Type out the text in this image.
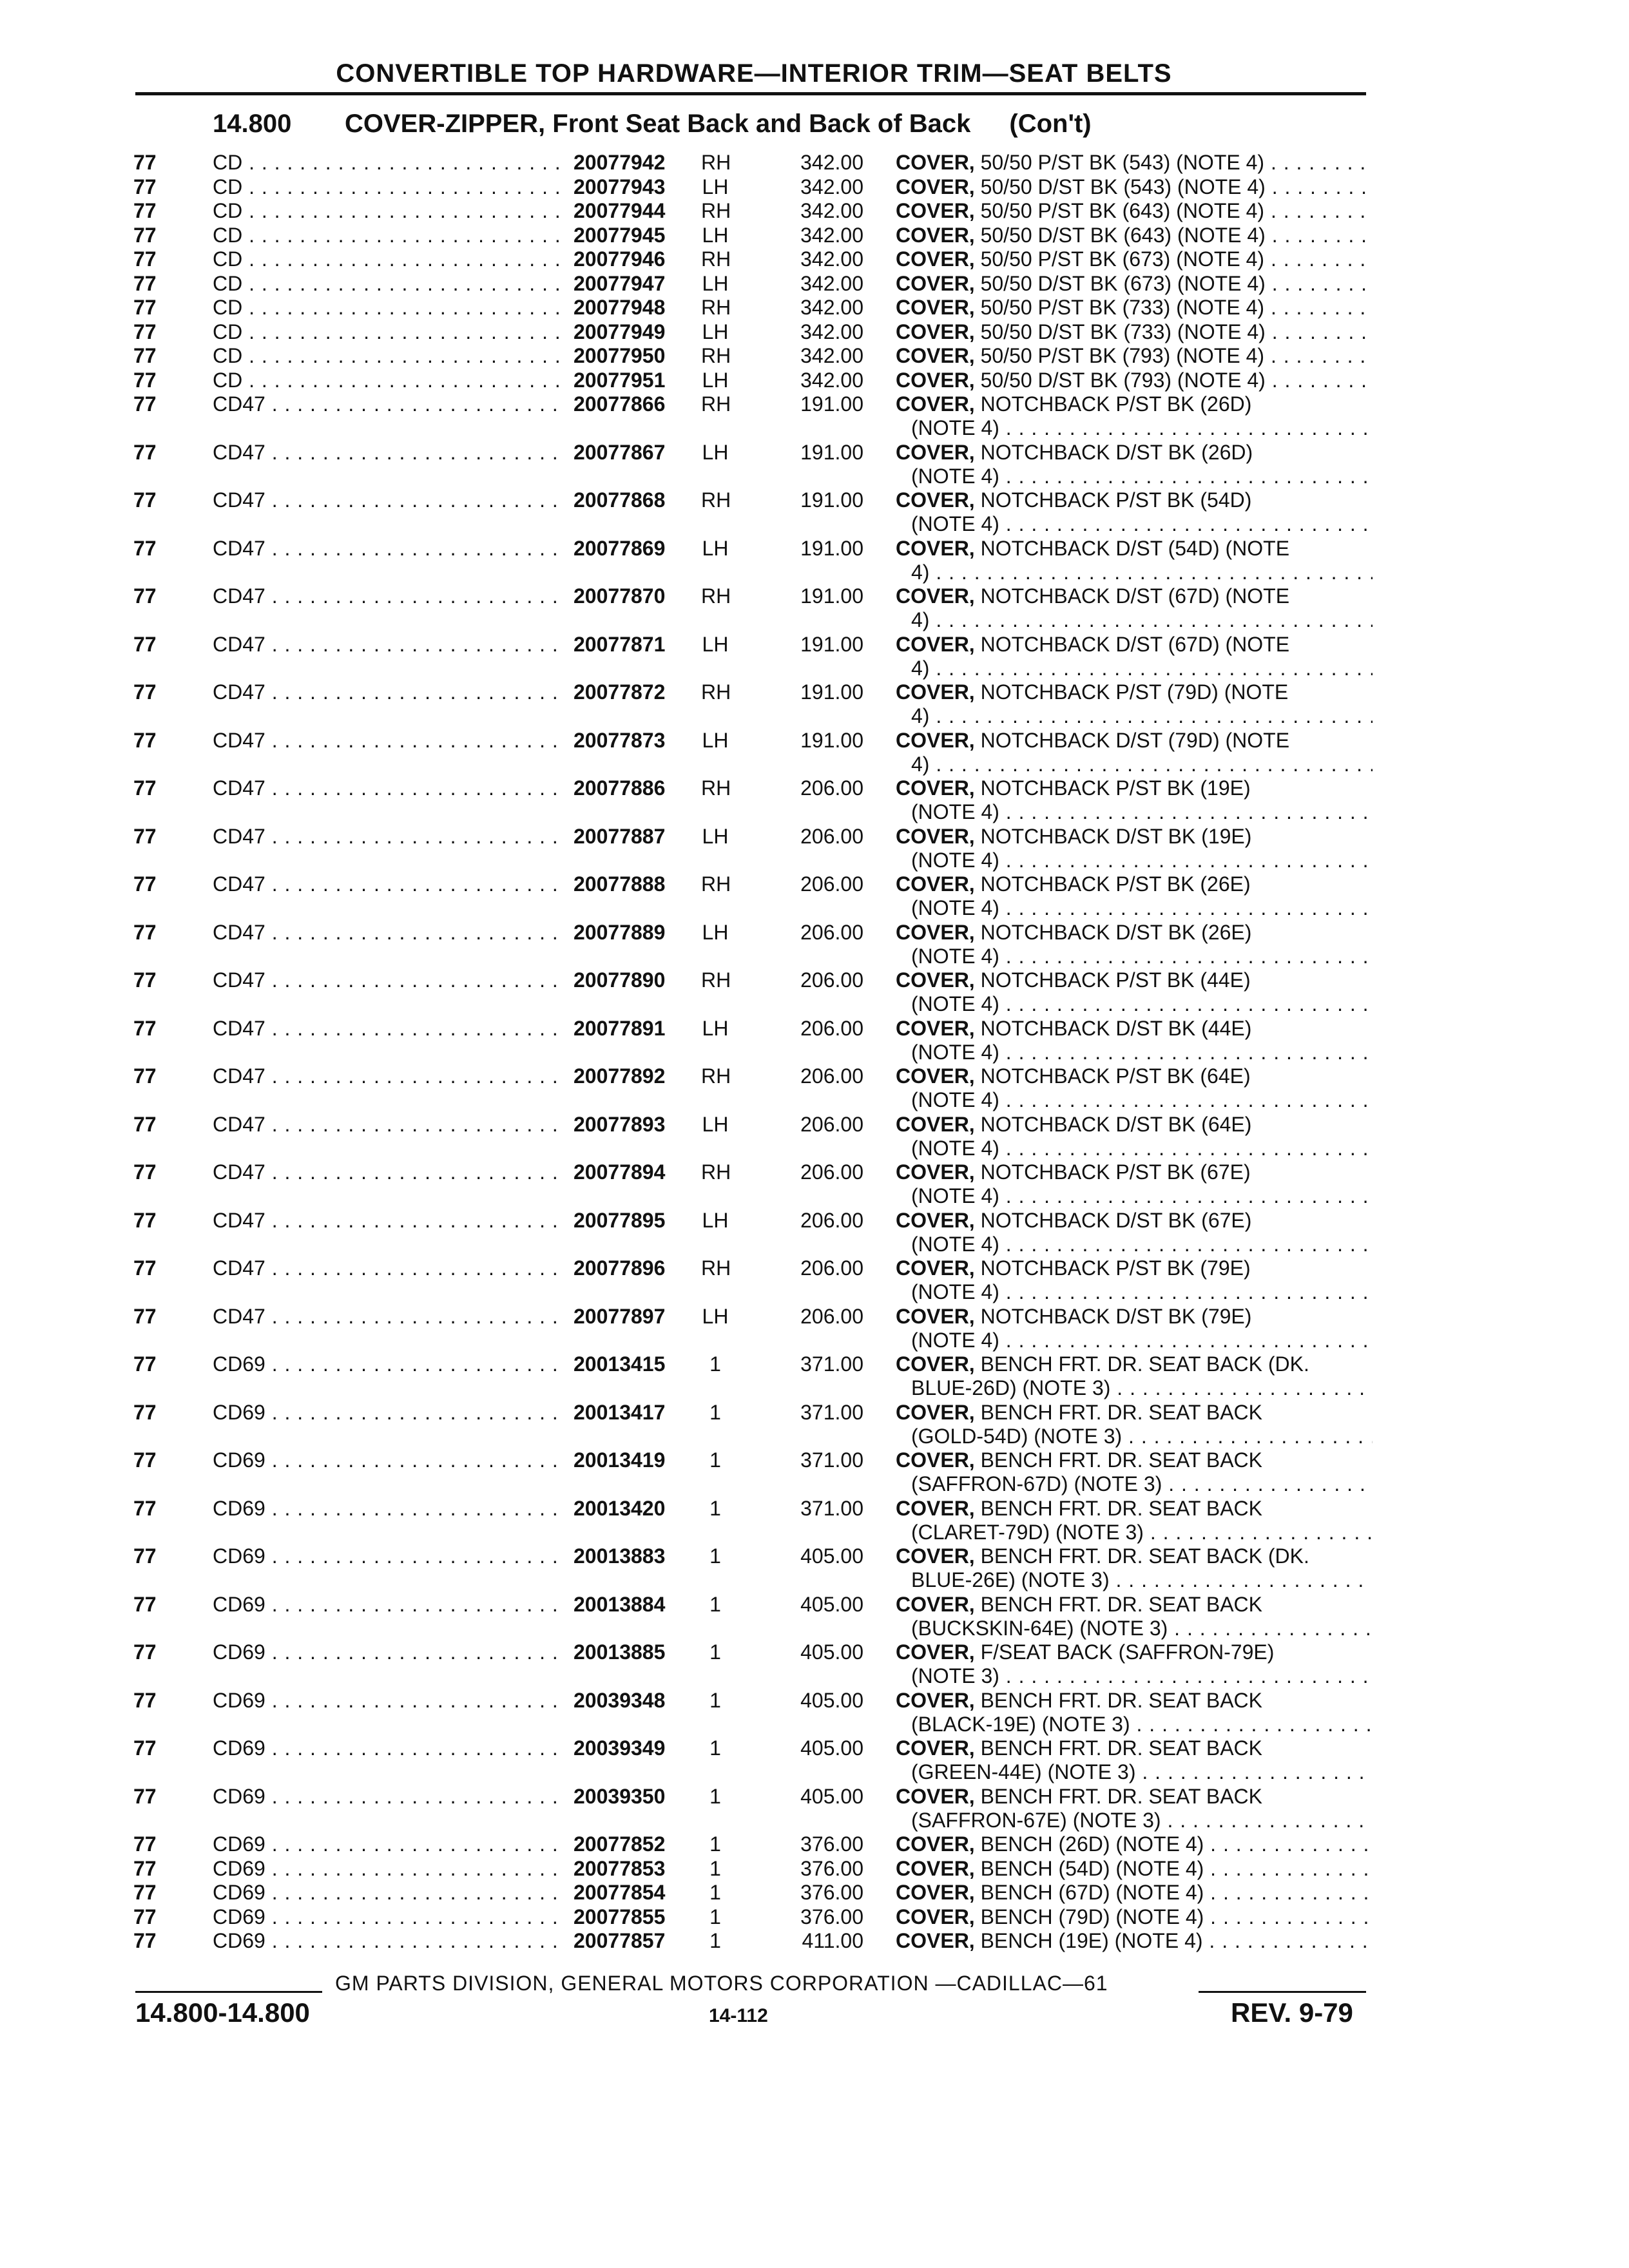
CONVERTIBLE TOP HARDWARE—INTERIOR TRIM—SEAT BELTS
14.800 COVER-ZIPPER, Front Seat Back and Back of Back (Con't)
77	CD . . .	20077942 RH	342.00 COVER, 50/50 P/ST BK (543) (NOTE 4) . . .
77	CD . . .	20077943 LH	342.00 COVER, 50/50 D/ST BK (543) (NOTE 4) . . .
77	CD . . .	20077944 RH	342.00 COVER, 50/50 P/ST BK (643) (NOTE 4) . . .
77	CD . . .	20077945 LH	342.00 COVER, 50/50 D/ST BK (643) (NOTE 4) . . .
77	CD . . .	20077946 RH	342.00 COVER, 50/50 P/ST BK (673) (NOTE 4) . . .
77	CD . . .	20077947 LH	342.00 COVER, 50/50 D/ST BK (673) (NOTE 4) . . .
77	CD . . .	20077948 RH	342.00 COVER, 50/50 P/ST BK (733) (NOTE 4) . . .
77	CD . . .	20077949 LH	342.00 COVER, 50/50 D/ST BK (733) (NOTE 4) . . .
77	CD . . .	20077950 RH	342.00 COVER, 50/50 P/ST BK (793) (NOTE 4) . . .
77	CD . . .	20077951 LH	342.00 COVER, 50/50 D/ST BK (793) (NOTE 4) . . .
77	CD47 . . .	20077866 RH	191.00 COVER, NOTCHBACK P/ST BK (26D)
(NOTE 4) . . .
77	CD47 . . .	20077867 LH	191.00 COVER, NOTCHBACK D/ST BK (26D)
(NOTE 4) . . .
77	CD47 . . .	20077868 RH	191.00 COVER, NOTCHBACK P/ST BK (54D)
(NOTE 4) . . .
77	CD47 . . .	20077869 LH	191.00 COVER, NOTCHBACK D/ST (54D) (NOTE
4) . . .
77	CD47 . . .	20077870 RH	191.00 COVER, NOTCHBACK D/ST (67D) (NOTE
4) . . .
77	CD47 . . .	20077871 LH	191.00 COVER, NOTCHBACK D/ST (67D) (NOTE
4) . . .
77	CD47 . . .	20077872 RH	191.00 COVER, NOTCHBACK P/ST (79D) (NOTE
4) . . .
77	CD47 . . .	20077873 LH	191.00 COVER, NOTCHBACK D/ST (79D) (NOTE
4) . . .
77	CD47 . . .	20077886 RH	206.00 COVER, NOTCHBACK P/ST BK (19E)
(NOTE 4) . . .
77	CD47 . . .	20077887 LH	206.00 COVER, NOTCHBACK D/ST BK (19E)
(NOTE 4) . . .
77	CD47 . . .	20077888 RH	206.00 COVER, NOTCHBACK P/ST BK (26E)
(NOTE 4) . . .
77	CD47 . . .	20077889 LH	206.00 COVER, NOTCHBACK D/ST BK (26E)
(NOTE 4) . . .
77	CD47 . . .	20077890 RH	206.00 COVER, NOTCHBACK P/ST BK (44E)
(NOTE 4) . . .
77	CD47 . . .	20077891 LH	206.00 COVER, NOTCHBACK D/ST BK (44E)
(NOTE 4) . . .
77	CD47 . . .	20077892 RH	206.00 COVER, NOTCHBACK P/ST BK (64E)
(NOTE 4) . . .
77	CD47 . . .	20077893 LH	206.00 COVER, NOTCHBACK D/ST BK (64E)
(NOTE 4) . . .
77	CD47 . . .	20077894 RH	206.00 COVER, NOTCHBACK P/ST BK (67E)
(NOTE 4) . . .
77	CD47 . . .	20077895 LH	206.00 COVER, NOTCHBACK D/ST BK (67E)
(NOTE 4) . . .
77	CD47 . . .	20077896 RH	206.00 COVER, NOTCHBACK P/ST BK (79E)
(NOTE 4) . . .
77	CD47 . . .	20077897 LH	206.00 COVER, NOTCHBACK D/ST BK (79E)
(NOTE 4) . . .
77	CD69 . . .	20013415	1	371.00 COVER, BENCH FRT. DR. SEAT BACK (DK.
BLUE-26D) (NOTE 3) . . .
77	CD69 . . .	20013417	1	371.00 COVER, BENCH FRT. DR. SEAT BACK
(GOLD-54D) (NOTE 3) . . .
77	CD69 . . .	20013419	1	371.00 COVER, BENCH FRT. DR. SEAT BACK
(SAFFRON-67D) (NOTE 3) . . .
77	CD69 . . .	20013420	1	371.00 COVER, BENCH FRT. DR. SEAT BACK
(CLARET-79D) (NOTE 3) . . .
77	CD69 . . .	20013883	1	405.00 COVER, BENCH FRT. DR. SEAT BACK (DK.
BLUE-26E) (NOTE 3) . . .
77	CD69 . . .	20013884	1	405.00 COVER, BENCH FRT. DR. SEAT BACK
(BUCKSKIN-64E) (NOTE 3) . . .
77	CD69 . . .	20013885	1	405.00 COVER, F/SEAT BACK (SAFFRON-79E)
(NOTE 3) . . .
77	CD69 . . .	20039348	1	405.00 COVER, BENCH FRT. DR. SEAT BACK
(BLACK-19E) (NOTE 3) . . .
77	CD69 . . .	20039349	1	405.00 COVER, BENCH FRT. DR. SEAT BACK
(GREEN-44E) (NOTE 3) . . .
77	CD69 . . .	20039350	1	405.00 COVER, BENCH FRT. DR. SEAT BACK
(SAFFRON-67E) (NOTE 3) . . .
77	CD69 . . .	20077852	1	376.00 COVER, BENCH (26D) (NOTE 4) . . .
77	CD69 . . .	20077853	1	376.00 COVER, BENCH (54D) (NOTE 4) . . .
77	CD69 . . .	20077854	1	376.00 COVER, BENCH (67D) (NOTE 4) . . .
77	CD69 . . .	20077855	1	376.00 COVER, BENCH (79D) (NOTE 4) . . .
77	CD69 . . .	20077857	1	411.00 COVER, BENCH (19E) (NOTE 4) . . .
GM PARTS DIVISION, GENERAL MOTORS CORPORATION —CADILLAC—61
14.800-14.800	14-112	REV. 9-79
